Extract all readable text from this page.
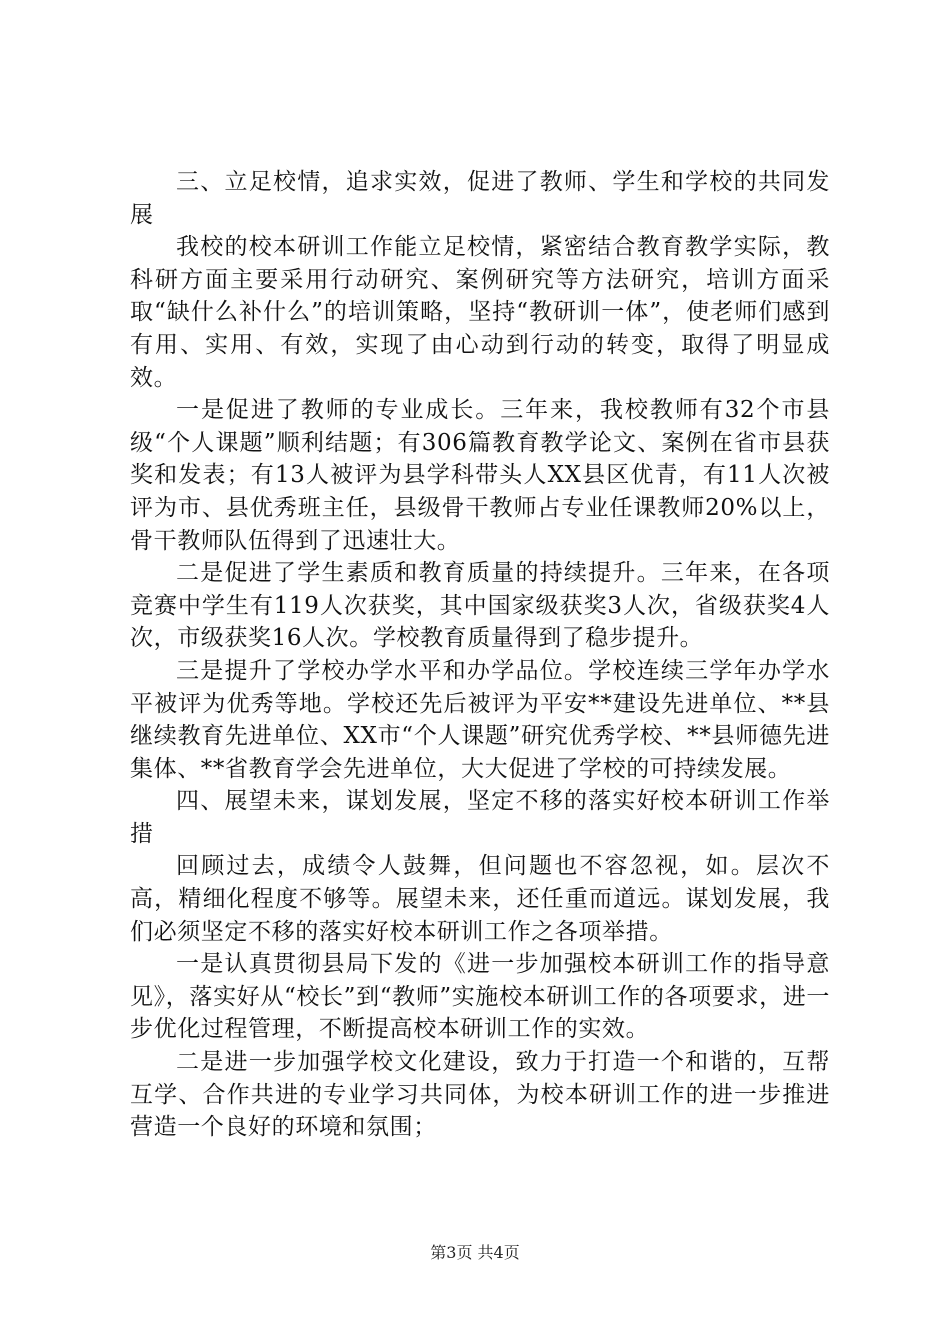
三、立足校情，追求实效，促进了教师、学生和学校的共同发展

我校的校本研训工作能立足校情，紧密结合教育教学实际，教科研方面主要采用行动研究、案例研究等方法研究，培训方面采取“缺什么补什么”的培训策略，坚持“教研训一体”，使老师们感到有用、实用、有效，实现了由心动到行动的转变，取得了明显成效。

一是促进了教师的专业成长。三年来，我校教师有32个市县级“个人课题”顺利结题；有306篇教育教学论文、案例在省市县获奖和发表；有13人被评为县学科带头人XX县区优青，有11人次被评为市、县优秀班主任，县级骨干教师占专业任课教师20%以上，骨干教师队伍得到了迅速壮大。

二是促进了学生素质和教育质量的持续提升。三年来，在各项竞赛中学生有119人次获奖，其中国家级获奖3人次，省级获奖4人次，市级获奖16人次。学校教育质量得到了稳步提升。

三是提升了学校办学水平和办学品位。学校连续三学年办学水平被评为优秀等地。学校还先后被评为平安**建设先进单位、**县继续教育先进单位、XX市“个人课题”研究优秀学校、**县师德先进集体、**省教育学会先进单位，大大促进了学校的可持续发展。

四、展望未来，谋划发展，坚定不移的落实好校本研训工作举措

回顾过去，成绩令人鼓舞，但问题也不容忽视，如。层次不高，精细化程度不够等。展望未来，还任重而道远。谋划发展，我们必须坚定不移的落实好校本研训工作之各项举措。

一是认真贯彻县局下发的《进一步加强校本研训工作的指导意见》，落实好从“校长”到“教师”实施校本研训工作的各项要求，进一步优化过程管理，不断提高校本研训工作的实效。

二是进一步加强学校文化建设，致力于打造一个和谐的，互帮互学、合作共进的专业学习共同体，为校本研训工作的进一步推进营造一个良好的环境和氛围；

第3页 共4页
